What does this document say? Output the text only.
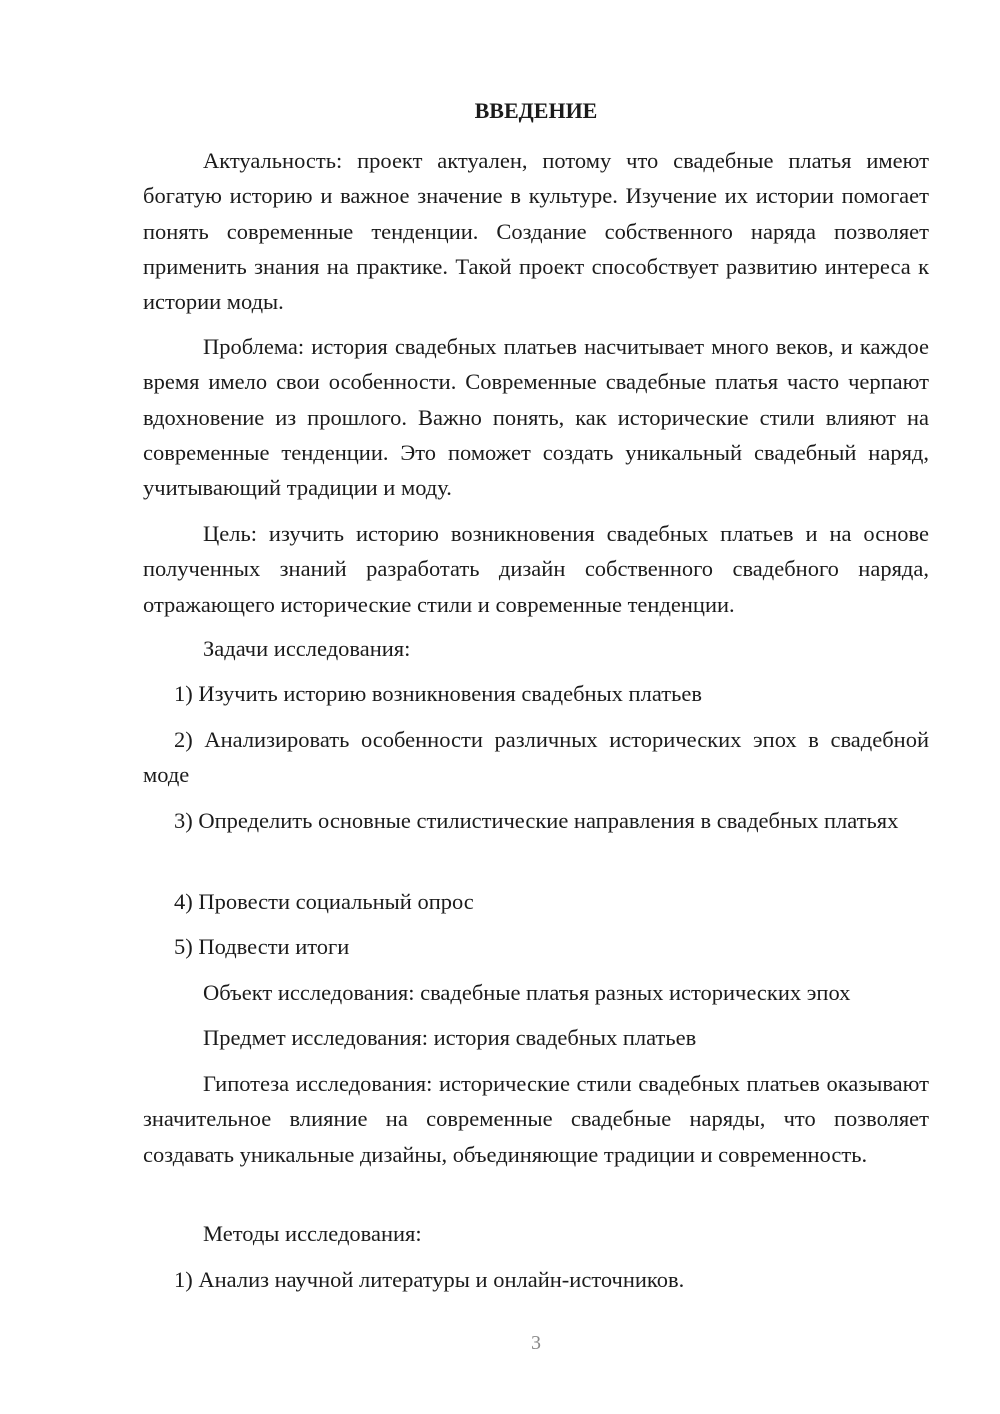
ВВЕДЕНИЕ

Актуальность: проект актуален, потому что свадебные платья имеют богатую историю и важное значение в культуре. Изучение их истории помогает понять современные тенденции. Создание собственного наряда позволяет применить знания на практике. Такой проект способствует развитию интереса к истории моды.

Проблема: история свадебных платьев насчитывает много веков, и каждое время имело свои особенности. Современные свадебные платья часто черпают вдохновение из прошлого. Важно понять, как исторические стили влияют на современные тенденции. Это поможет создать уникальный свадебный наряд, учитывающий традиции и моду.

Цель: изучить историю возникновения свадебных платьев и на основе полученных знаний разработать дизайн собственного свадебного наряда, отражающего исторические стили и современные тенденции.

Задачи исследования:

1) Изучить историю возникновения свадебных платьев

2) Анализировать особенности различных исторических эпох в свадебной моде

3) Определить основные стилистические направления в свадебных платьях

4) Провести социальный опрос

5) Подвести итоги

Объект исследования: свадебные платья разных исторических эпох

Предмет исследования: история свадебных платьев

Гипотеза исследования: исторические стили свадебных платьев оказывают значительное влияние на современные свадебные наряды, что позволяет создавать уникальные дизайны, объединяющие традиции и современность.

Методы исследования:

1) Анализ научной литературы и онлайн-источников.

3
